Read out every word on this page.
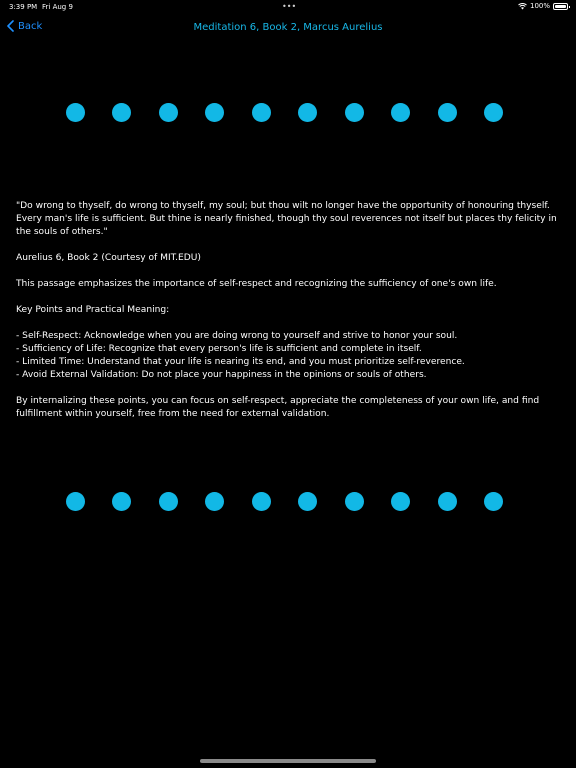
3:39 PM Fri Aug 9	•••	100%
Back	Meditation 6, Book 2, Marcus Aurelius

"Do wrong to thyself, do wrong to thyself, my soul; but thou wilt no longer have the opportunity of honouring thyself. Every man's life is sufficient. But thine is nearly finished, though thy soul reverences not itself but places thy felicity in the souls of others."

Aurelius 6, Book 2 (Courtesy of MIT.EDU)

This passage emphasizes the importance of self-respect and recognizing the sufficiency of one's own life.

Key Points and Practical Meaning:

- Self-Respect: Acknowledge when you are doing wrong to yourself and strive to honor your soul.

- Sufficiency of Life: Recognize that every person's life is sufficient and complete in itself.

- Limited Time: Understand that your life is nearing its end, and you must prioritize self-reverence.

- Avoid External Validation: Do not place your happiness in the opinions or souls of others.

By internalizing these points, you can focus on self-respect, appreciate the completeness of your own life, and find fulfillment within yourself, free from the need for external validation.
